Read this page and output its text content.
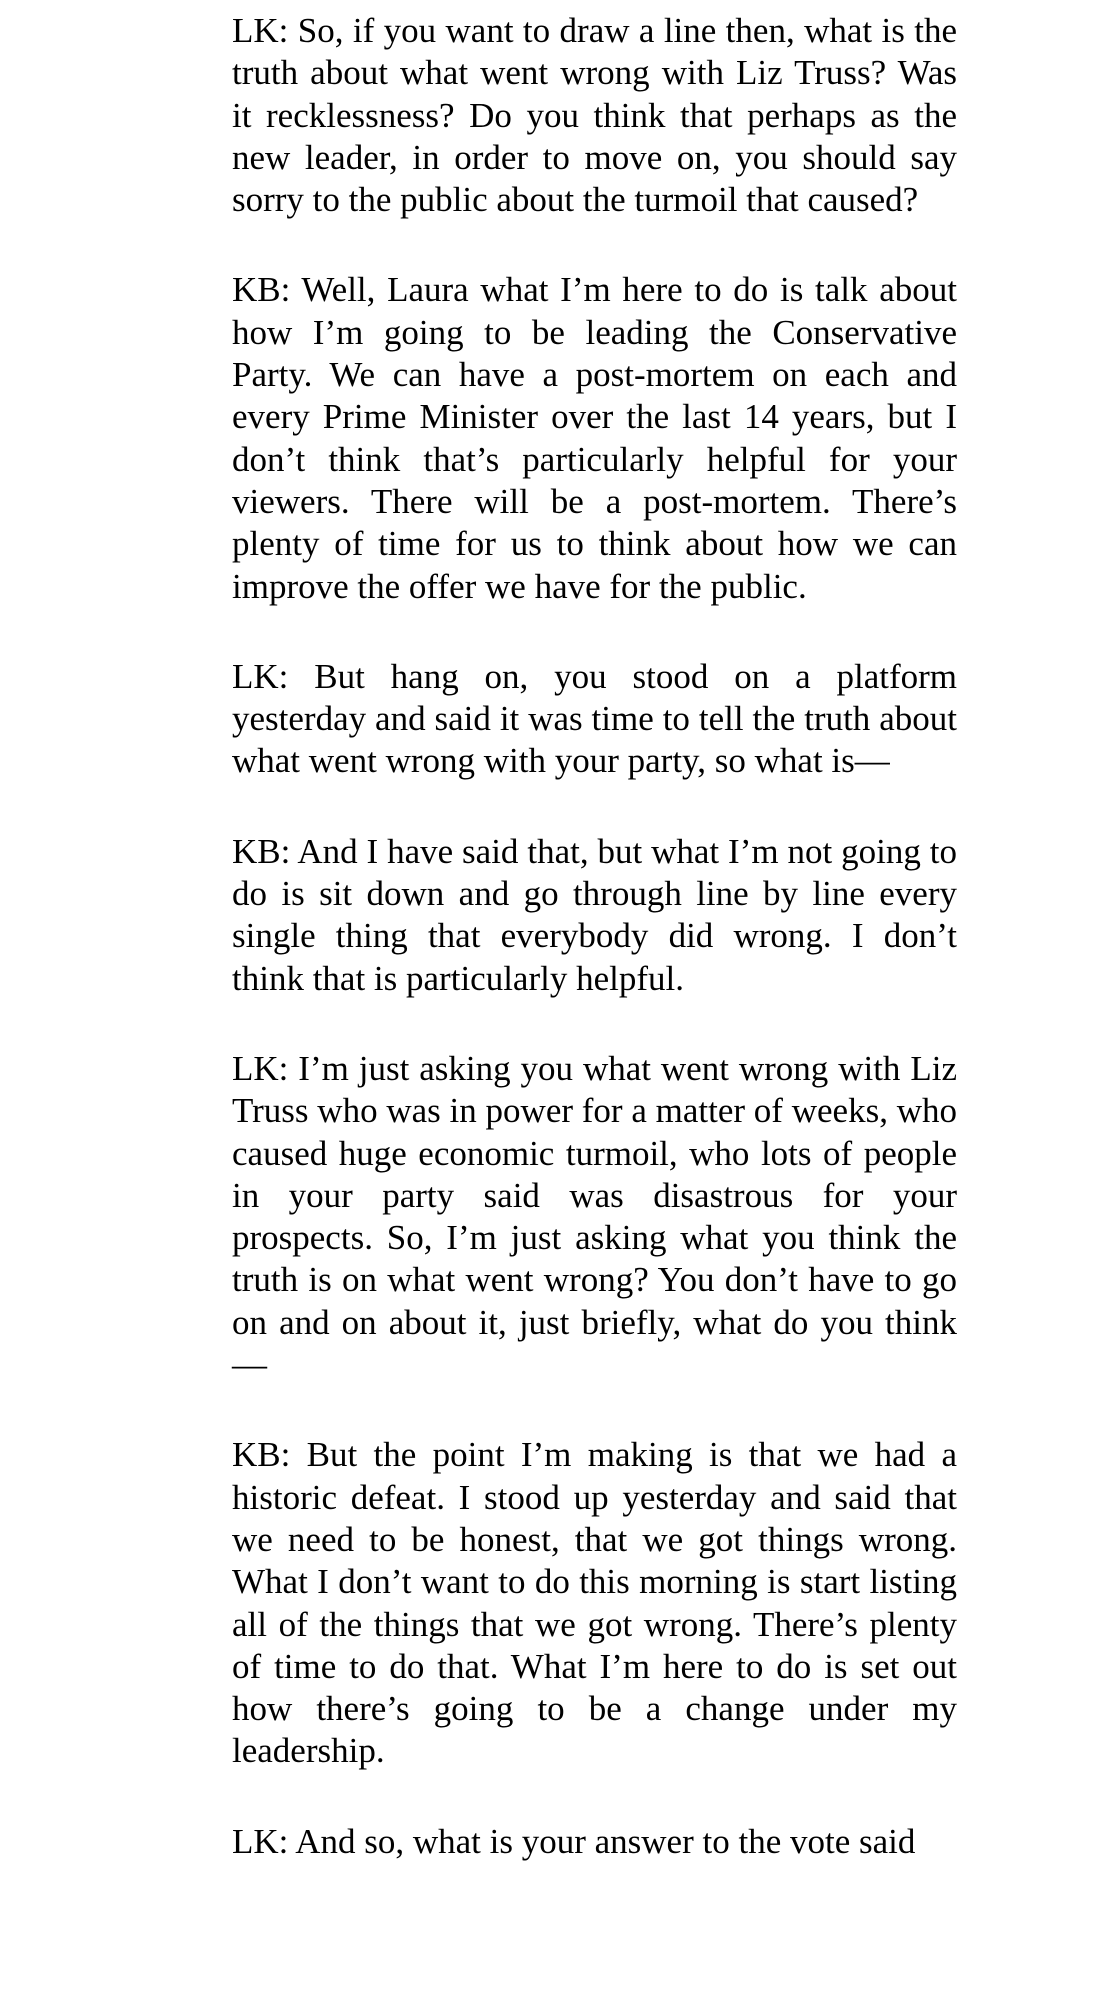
LK: So, if you want to draw a line then, what is the truth about what went wrong with Liz Truss? Was it recklessness? Do you think that perhaps as the new leader, in order to move on, you should say sorry to the public about the turmoil that caused?

KB: Well, Laura what I’m here to do is talk about how I’m going to be leading the Conservative Party. We can have a post-mortem on each and every Prime Minister over the last 14 years, but I don’t think that’s particularly helpful for your viewers. There will be a post-mortem. There’s plenty of time for us to think about how we can improve the offer we have for the public.

LK: But hang on, you stood on a platform yesterday and said it was time to tell the truth about what went wrong with your party, so what is—

KB: And I have said that, but what I’m not going to do is sit down and go through line by line every single thing that everybody did wrong. I don’t think that is particularly helpful.

LK: I’m just asking you what went wrong with Liz Truss who was in power for a matter of weeks, who caused huge economic turmoil, who lots of people in your party said was disastrous for your prospects. So, I’m just asking what you think the truth is on what went wrong? You don’t have to go on and on about it, just briefly, what do you think—

KB: But the point I’m making is that we had a historic defeat. I stood up yesterday and said that we need to be honest, that we got things wrong. What I don’t want to do this morning is start listing all of the things that we got wrong. There’s plenty of time to do that. What I’m here to do is set out how there’s going to be a change under my leadership.

LK: And so, what is your answer to the vote said
